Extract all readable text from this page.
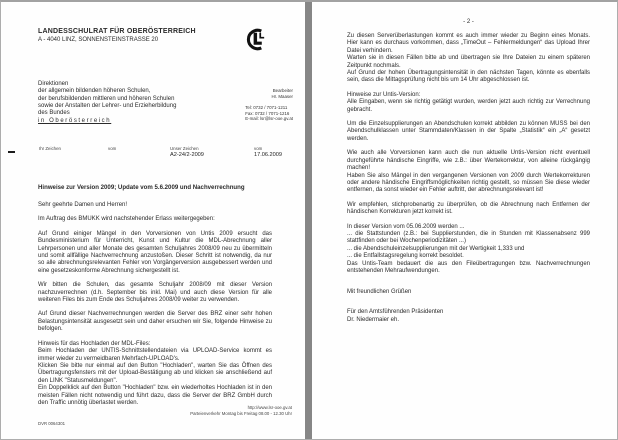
LANDESSCHULRAT FÜR OBERÖSTERREICH
A - 4040 LINZ, SONNENSTEINSTRASSE 20
Direktionen
der allgemein bildenden höheren Schulen,
der berufsbildenden mittleren und höheren Schulen
sowie der Anstalten der Lehrer- und Erzieherbildung
des Bundes
in Oberösterreich
Bearbeiter
Hr. Maaser
Tel: 0732 / 7071-1211
Fax: 0732 / 7071-1216
E-mail: lsr@lsr-ooe.gv.at
Ihr Zeichen	vom	Unser Zeichen
A2-24/2-2009
vom
17.06.2009
Hinweise zur Version 2009; Update vom 5.6.2009 und Nachverrechnung

Sehr geehrte Damen und Herren!

Im Auftrag des BMUKK wird nachstehender Erlass weitergegeben:

Auf Grund einiger Mängel in den Vorversionen von Untis 2009 ersucht das Bundesministerium für Unterricht, Kunst und Kultur die MDL-Abrechnung aller Lehrpersonen und aller Monate des gesamten Schuljahres 2008/09 neu zu übermitteln und somit allfällige Nachverrechnung anzustoßen. Dieser Schritt ist notwendig, da nur so alle abrechnungsrelevanten Fehler von Vorgängerversion ausgebessert werden und eine gesetzeskonforme Abrechnung sichergestellt ist.

Wir bitten die Schulen, das gesamte Schuljahr 2008/09 mit dieser Version nachzuverrechnen (d.h. September bis inkl. Mai) und auch diese Version für alle weiteren Files bis zum Ende des Schuljahres 2008/09 weiter zu verwenden.

Auf Grund dieser Nachverrechnungen werden die Server des BRZ einer sehr hohen Belastungsintensität ausgesetzt sein und daher ersuchen wir Sie, folgende Hinweise zu befolgen.

Hinweis für das Hochladen der MDL-Files:

Beim Hochladen der UNTIS-Schnittstellendateien via UPLOAD-Service kommt es immer wieder zu vermeidbaren Mehrfach-UPLOAD's.

Klicken Sie bitte nur einmal auf den Button "Hochladen", warten Sie das Öffnen des Übertragungsfensters mit der Upload-Bestätigung ab und klicken sie anschließend auf den LINK "Statusmeldungen".

Ein Doppelklick auf den Button "Hochladen" bzw. ein wiederholtes Hochladen ist in den meisten Fällen nicht notwendig und führt dazu, dass die Server der BRZ GmbH durch den Traffic unnötig überlastet werden.

http://www.lsr-ooe.gv.at
Parteienverkehr Montag bis Freitag 08.00 - 12.30 Uhr
DVR 0064301
- 2 -

Zu diesen Serverüberlastungen kommt es auch immer wieder zu Beginn eines Monats. Hier kann es durchaus vorkommen, dass „TimeOut – Fehlermeldungen“ das Upload Ihrer Datei verhindern.

Warten sie in diesen Fällen bitte ab und übertragen sie Ihre Dateien zu einem späteren Zeitpunkt nochmals.

Auf Grund der hohen Übertragungsintensität in den nächsten Tagen, könnte es ebenfalls sein, dass die Mittagsprüfung nicht bis um 14 Uhr abgeschlossen ist.

Hinweise zur Untis-Version:

Alle Eingaben, wenn sie richtig getätigt wurden, werden jetzt auch richtig zur Verrechnung gebracht.

Um die Einzelsupplierungen an Abendschulen korrekt abbilden zu können MUSS bei den Abendschulklassen unter Stammdaten/Klassen in der Spalte „Statistik“ ein „A“ gesetzt werden.

Wie auch alle Vorversionen kann auch die nun aktuelle Untis-Version nicht eventuell durchgeführte händische Eingriffe, wie z.B.: über Wertekorrektur, von alleine rückgängig machen!

Haben Sie also Mängel in den vergangenen Versionen von 2009 durch Wertekorrekturen oder andere händische Eingriffsmöglichkeiten richtig gestellt, so müssen Sie diese wieder entfernen, da sonst wieder ein Fehler auftritt, der abrechnungsrelevant ist!

Wir empfehlen, stichprobenartig zu überprüfen, ob die Abrechnung nach Entfernen der händischen Korrekturen jetzt korrekt ist.

In dieser Version vom 05.06.2009 werden ...

... die Stattstunden (z.B.: bei Supplierstunden, die in Stunden mit Klassenabsenz 999 stattfinden oder bei Wochenperiodizitäten ...)

... die Abendschuleinzelsupplierungen mit der Wertigkeit 1,333 und

... die Entfallstagsregelung korrekt besoldet.

Das Untis-Team bedauert die aus den Fileübertragungen bzw. Nachverrechnungen entstehenden Mehraufwendungen.

Mit freundlichen Grüßen

Für den Amtsführenden Präsidenten
Dr. Niedermaier eh.
